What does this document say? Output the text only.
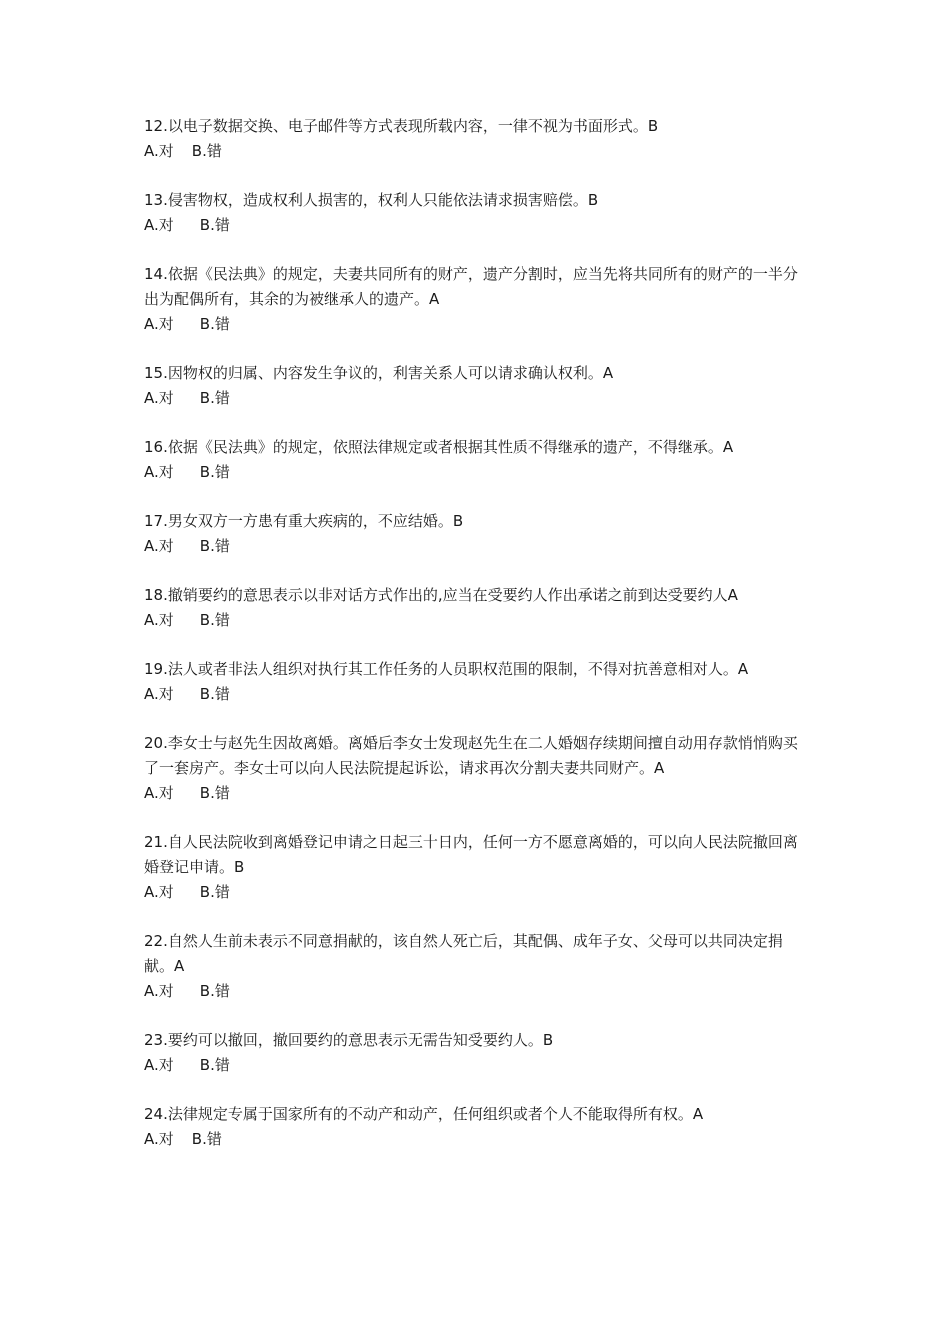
12.以电子数据交换、电子邮件等方式表现所载内容，一律不视为书面形式。B

A.对 B.错

13.侵害物权，造成权利人损害的，权利人只能依法请求损害赔偿。B

A.对 B.错

14.依据《民法典》的规定，夫妻共同所有的财产，遗产分割时，应当先将共同所有的财产的一半分出为配偶所有，其余的为被继承人的遗产。A

A.对 B.错

15.因物权的归属、内容发生争议的，利害关系人可以请求确认权利。A

A.对 B.错

16.依据《民法典》的规定，依照法律规定或者根据其性质不得继承的遗产，不得继承。A

A.对 B.错

17.男女双方一方患有重大疾病的，不应结婚。B

A.对 B.错

18.撤销要约的意思表示以非对话方式作出的,应当在受要约人作出承诺之前到达受要约人A

A.对 B.错

19.法人或者非法人组织对执行其工作任务的人员职权范围的限制，不得对抗善意相对人。A

A.对 B.错

20.李女士与赵先生因故离婚。离婚后李女士发现赵先生在二人婚姻存续期间擅自动用存款悄悄购买了一套房产。李女士可以向人民法院提起诉讼，请求再次分割夫妻共同财产。A

A.对 B.错

21.自人民法院收到离婚登记申请之日起三十日内，任何一方不愿意离婚的，可以向人民法院撤回离婚登记申请。B

A.对 B.错

22.自然人生前未表示不同意捐献的，该自然人死亡后，其配偶、成年子女、父母可以共同决定捐献。A

A.对 B.错

23.要约可以撤回，撤回要约的意思表示无需告知受要约人。B

A.对 B.错

24.法律规定专属于国家所有的不动产和动产，任何组织或者个人不能取得所有权。A

A.对 B.错
